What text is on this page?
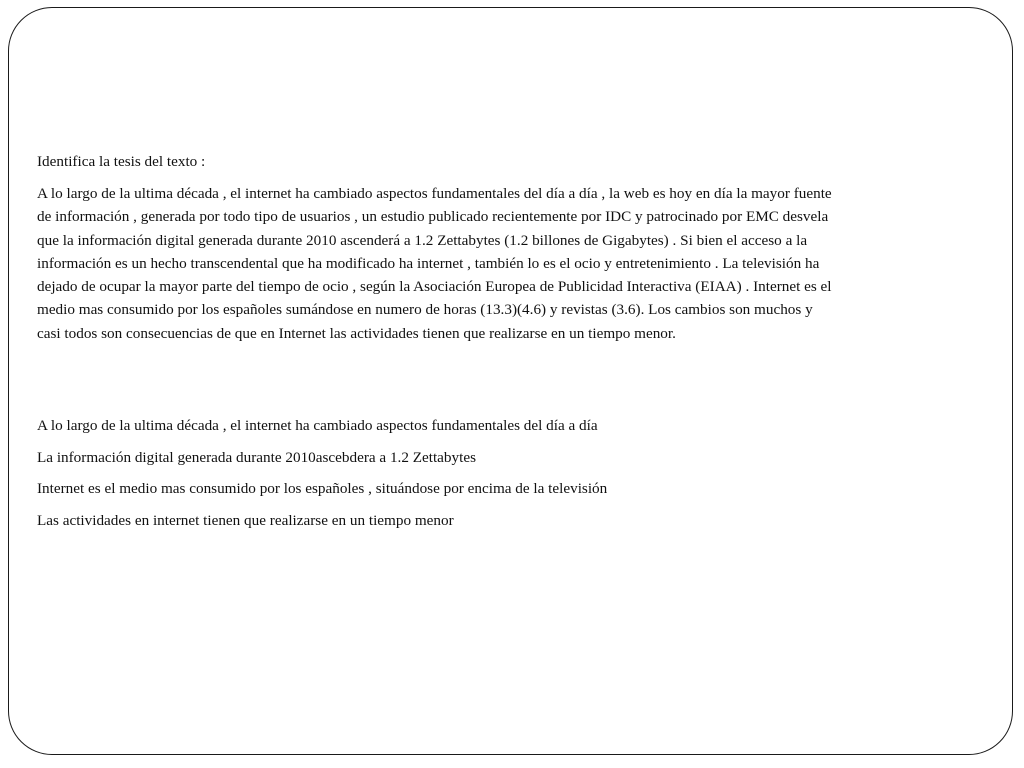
Identifica la tesis del texto :

A lo largo de la ultima década , el internet ha cambiado aspectos fundamentales del día a día , la web es hoy en día la mayor fuente
de información , generada por todo tipo de usuarios , un estudio publicado recientemente por IDC y patrocinado por EMC desvela
que la información digital generada durante 2010 ascenderá a 1.2 Zettabytes (1.2 billones de Gigabytes) . Si bien el acceso a la
información es un hecho transcendental que ha modificado ha internet , también lo es el ocio y entretenimiento . La televisión ha
dejado de ocupar la mayor parte del tiempo de ocio , según la Asociación Europea de Publicidad Interactiva (EIAA) . Internet es el
medio mas consumido por los españoles sumándose en numero de horas (13.3)(4.6) y revistas (3.6). Los cambios son muchos y
casi todos son consecuencias de que en Internet las actividades tienen que realizarse en un tiempo menor.

A lo largo de la ultima década , el internet ha cambiado aspectos fundamentales del día a día

La información digital generada durante 2010ascebdera a 1.2 Zettabytes

Internet es el medio mas consumido por los españoles , situándose por encima de la televisión

Las actividades en internet tienen que realizarse en un tiempo menor
